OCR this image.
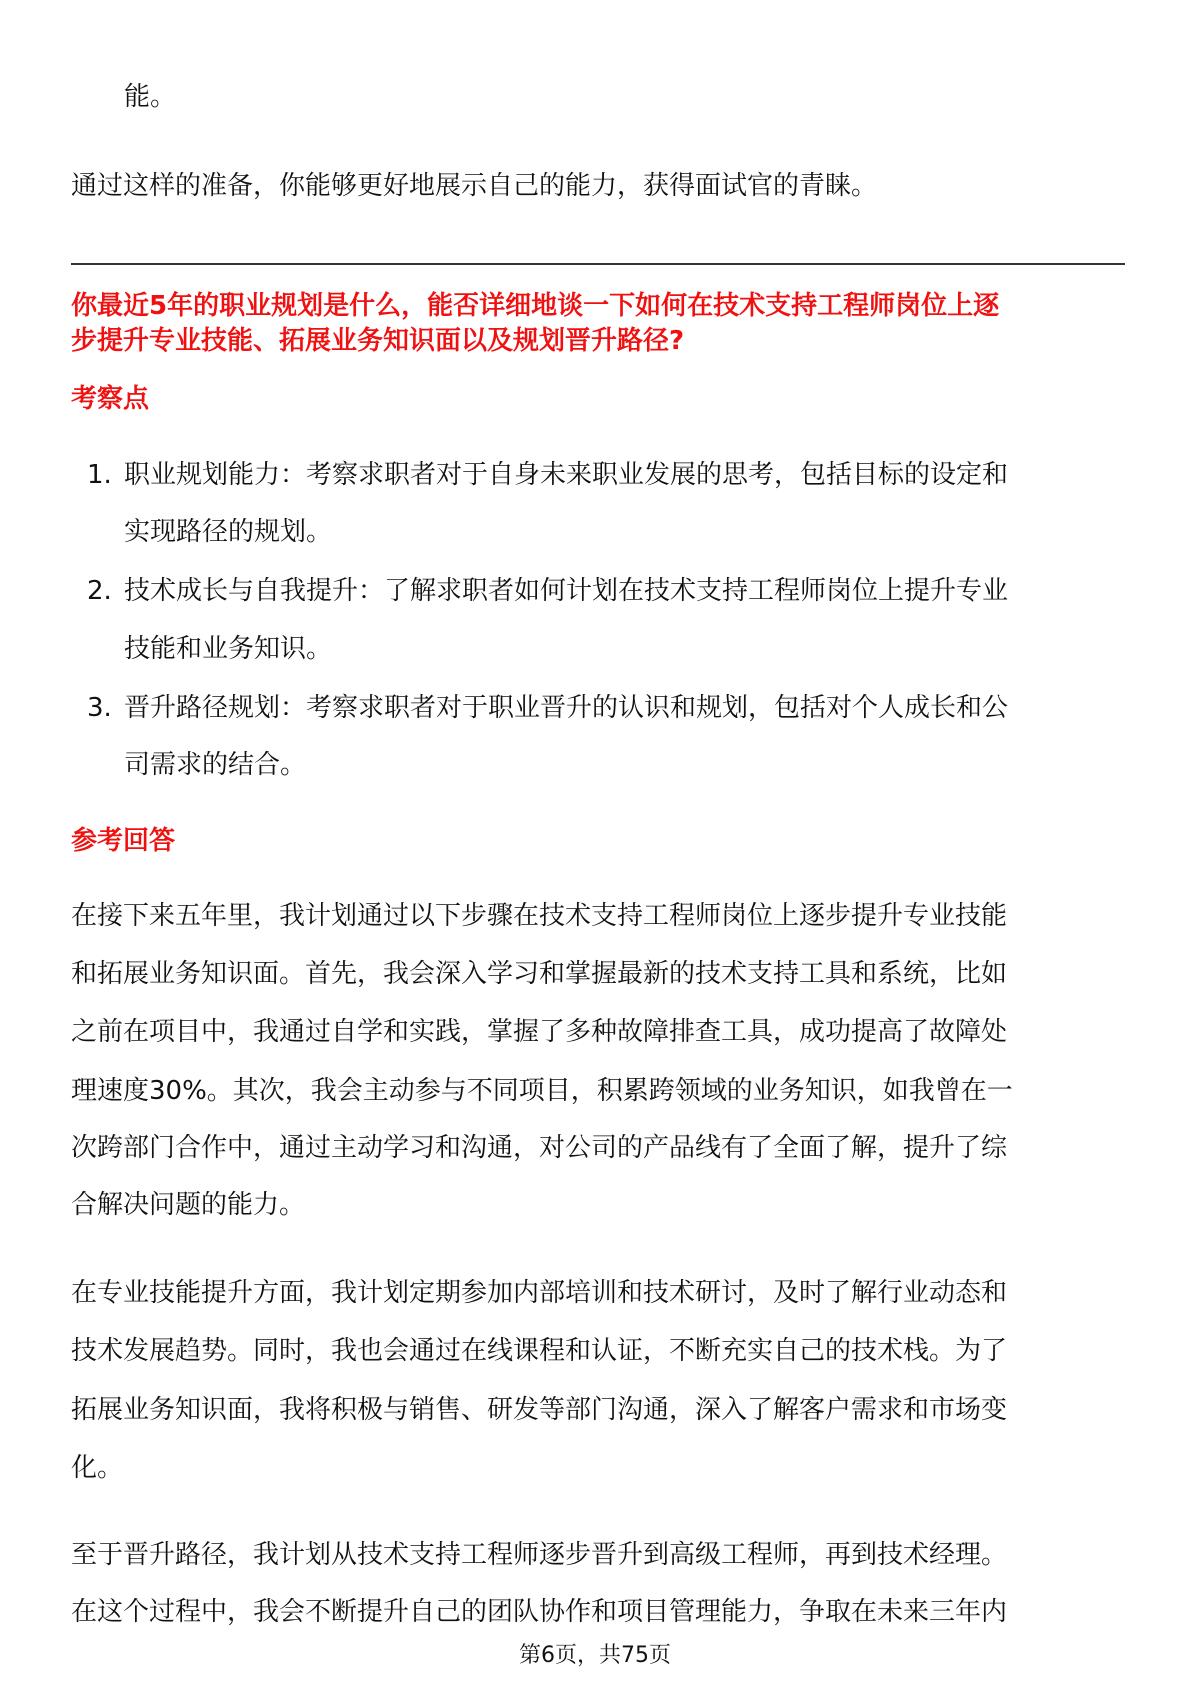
能。
通过这样的准备，你能够更好地展示自己的能力，获得面试官的青睐。
你最近5年的职业规划是什么，能否详细地谈一下如何在技术支持工程师岗位上逐
步提升专业技能、拓展业务知识面以及规划晋升路径?
考察点
1. 职业规划能力：考察求职者对于自身未来职业发展的思考，包括目标的设定和
实现路径的规划。
2. 技术成长与自我提升：了解求职者如何计划在技术支持工程师岗位上提升专业
技能和业务知识。
3. 晋升路径规划：考察求职者对于职业晋升的认识和规划，包括对个人成长和公
司需求的结合。
参考回答
在接下来五年里，我计划通过以下步骤在技术支持工程师岗位上逐步提升专业技能
和拓展业务知识面。首先，我会深入学习和掌握最新的技术支持工具和系统，比如
之前在项目中，我通过自学和实践，掌握了多种故障排查工具，成功提高了故障处
理速度30%。其次，我会主动参与不同项目，积累跨领域的业务知识，如我曾在一
次跨部门合作中，通过主动学习和沟通，对公司的产品线有了全面了解，提升了综
合解决问题的能力。
在专业技能提升方面，我计划定期参加内部培训和技术研讨，及时了解行业动态和
技术发展趋势。同时，我也会通过在线课程和认证，不断充实自己的技术栈。为了
拓展业务知识面，我将积极与销售、研发等部门沟通，深入了解客户需求和市场变
化。
至于晋升路径，我计划从技术支持工程师逐步晋升到高级工程师，再到技术经理。
在这个过程中，我会不断提升自己的团队协作和项目管理能力，争取在未来三年内
第6页，共75页
